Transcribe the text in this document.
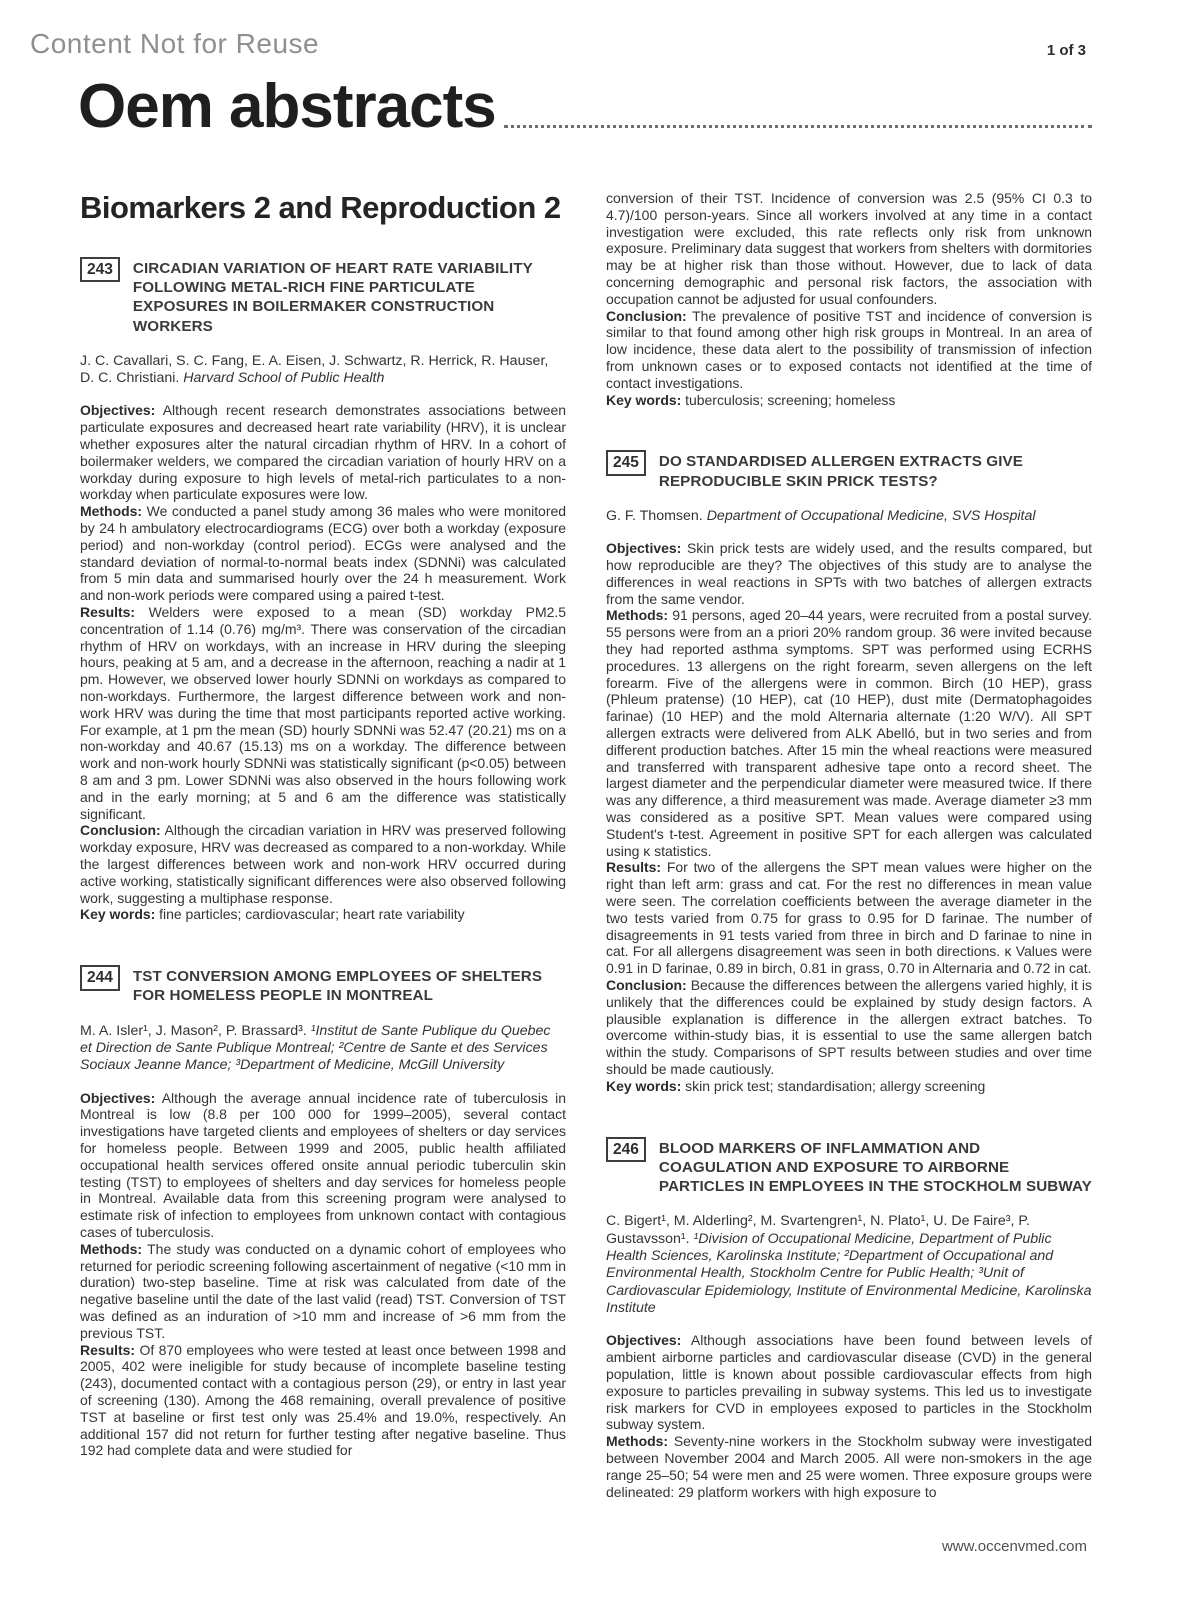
Content Not for Reuse	1 of 3
Oem abstracts
Biomarkers 2 and Reproduction 2
243	CIRCADIAN VARIATION OF HEART RATE VARIABILITY FOLLOWING METAL-RICH FINE PARTICULATE EXPOSURES IN BOILERMAKER CONSTRUCTION WORKERS

J. C. Cavallari, S. C. Fang, E. A. Eisen, J. Schwartz, R. Herrick, R. Hauser, D. C. Christiani. Harvard School of Public Health

Objectives: Although recent research demonstrates associations between particulate exposures and decreased heart rate variability (HRV), it is unclear whether exposures alter the natural circadian rhythm of HRV. In a cohort of boilermaker welders, we compared the circadian variation of hourly HRV on a workday during exposure to high levels of metal-rich particulates to a non-workday when particulate exposures were low.

Methods: We conducted a panel study among 36 males who were monitored by 24 h ambulatory electrocardiograms (ECG) over both a workday (exposure period) and non-workday (control period). ECGs were analysed and the standard deviation of normal-to-normal beats index (SDNNi) was calculated from 5 min data and summarised hourly over the 24 h measurement. Work and non-work periods were compared using a paired t-test.

Results: Welders were exposed to a mean (SD) workday PM2.5 concentration of 1.14 (0.76) mg/m³. There was conservation of the circadian rhythm of HRV on workdays, with an increase in HRV during the sleeping hours, peaking at 5 am, and a decrease in the afternoon, reaching a nadir at 1 pm. However, we observed lower hourly SDNNi on workdays as compared to non-workdays. Furthermore, the largest difference between work and non-work HRV was during the time that most participants reported active working. For example, at 1 pm the mean (SD) hourly SDNNi was 52.47 (20.21) ms on a non-workday and 40.67 (15.13) ms on a workday. The difference between work and non-work hourly SDNNi was statistically significant (p<0.05) between 8 am and 3 pm. Lower SDNNi was also observed in the hours following work and in the early morning; at 5 and 6 am the difference was statistically significant.

Conclusion: Although the circadian variation in HRV was preserved following workday exposure, HRV was decreased as compared to a non-workday. While the largest differences between work and non-work HRV occurred during active working, statistically significant differences were also observed following work, suggesting a multiphase response.

Key words: fine particles; cardiovascular; heart rate variability

244	TST CONVERSION AMONG EMPLOYEES OF SHELTERS FOR HOMELESS PEOPLE IN MONTREAL

M. A. Isler¹, J. Mason², P. Brassard³. ¹Institut de Sante Publique du Quebec et Direction de Sante Publique Montreal; ²Centre de Sante et des Services Sociaux Jeanne Mance; ³Department of Medicine, McGill University

Objectives: Although the average annual incidence rate of tuberculosis in Montreal is low (8.8 per 100 000 for 1999–2005), several contact investigations have targeted clients and employees of shelters or day services for homeless people. Between 1999 and 2005, public health affiliated occupational health services offered onsite annual periodic tuberculin skin testing (TST) to employees of shelters and day services for homeless people in Montreal. Available data from this screening program were analysed to estimate risk of infection to employees from unknown contact with contagious cases of tuberculosis.

Methods: The study was conducted on a dynamic cohort of employees who returned for periodic screening following ascertainment of negative (<10 mm in duration) two-step baseline. Time at risk was calculated from date of the negative baseline until the date of the last valid (read) TST. Conversion of TST was defined as an induration of >10 mm and increase of >6 mm from the previous TST.

Results: Of 870 employees who were tested at least once between 1998 and 2005, 402 were ineligible for study because of incomplete baseline testing (243), documented contact with a contagious person (29), or entry in last year of screening (130). Among the 468 remaining, overall prevalence of positive TST at baseline or first test only was 25.4% and 19.0%, respectively. An additional 157 did not return for further testing after negative baseline. Thus 192 had complete data and were studied for

conversion of their TST. Incidence of conversion was 2.5 (95% CI 0.3 to 4.7)/100 person-years. Since all workers involved at any time in a contact investigation were excluded, this rate reflects only risk from unknown exposure. Preliminary data suggest that workers from shelters with dormitories may be at higher risk than those without. However, due to lack of data concerning demographic and personal risk factors, the association with occupation cannot be adjusted for usual confounders.

Conclusion: The prevalence of positive TST and incidence of conversion is similar to that found among other high risk groups in Montreal. In an area of low incidence, these data alert to the possibility of transmission of infection from unknown cases or to exposed contacts not identified at the time of contact investigations.

Key words: tuberculosis; screening; homeless

245	DO STANDARDISED ALLERGEN EXTRACTS GIVE REPRODUCIBLE SKIN PRICK TESTS?

G. F. Thomsen. Department of Occupational Medicine, SVS Hospital

Objectives: Skin prick tests are widely used, and the results compared, but how reproducible are they? The objectives of this study are to analyse the differences in weal reactions in SPTs with two batches of allergen extracts from the same vendor.

Methods: 91 persons, aged 20–44 years, were recruited from a postal survey. 55 persons were from an a priori 20% random group. 36 were invited because they had reported asthma symptoms. SPT was performed using ECRHS procedures. 13 allergens on the right forearm, seven allergens on the left forearm. Five of the allergens were in common. Birch (10 HEP), grass (Phleum pratense) (10 HEP), cat (10 HEP), dust mite (Dermatophagoides farinae) (10 HEP) and the mold Alternaria alternate (1:20 W/V). All SPT allergen extracts were delivered from ALK Abelló, but in two series and from different production batches. After 15 min the wheal reactions were measured and transferred with transparent adhesive tape onto a record sheet. The largest diameter and the perpendicular diameter were measured twice. If there was any difference, a third measurement was made. Average diameter ≥3 mm was considered as a positive SPT. Mean values were compared using Student's t-test. Agreement in positive SPT for each allergen was calculated using κ statistics.

Results: For two of the allergens the SPT mean values were higher on the right than left arm: grass and cat. For the rest no differences in mean value were seen. The correlation coefficients between the average diameter in the two tests varied from 0.75 for grass to 0.95 for D farinae. The number of disagreements in 91 tests varied from three in birch and D farinae to nine in cat. For all allergens disagreement was seen in both directions. κ Values were 0.91 in D farinae, 0.89 in birch, 0.81 in grass, 0.70 in Alternaria and 0.72 in cat.

Conclusion: Because the differences between the allergens varied highly, it is unlikely that the differences could be explained by study design factors. A plausible explanation is difference in the allergen extract batches. To overcome within-study bias, it is essential to use the same allergen batch within the study. Comparisons of SPT results between studies and over time should be made cautiously.

Key words: skin prick test; standardisation; allergy screening

246	BLOOD MARKERS OF INFLAMMATION AND COAGULATION AND EXPOSURE TO AIRBORNE PARTICLES IN EMPLOYEES IN THE STOCKHOLM SUBWAY

C. Bigert¹, M. Alderling², M. Svartengren¹, N. Plato¹, U. De Faire³, P. Gustavsson¹. ¹Division of Occupational Medicine, Department of Public Health Sciences, Karolinska Institute; ²Department of Occupational and Environmental Health, Stockholm Centre for Public Health; ³Unit of Cardiovascular Epidemiology, Institute of Environmental Medicine, Karolinska Institute

Objectives: Although associations have been found between levels of ambient airborne particles and cardiovascular disease (CVD) in the general population, little is known about possible cardiovascular effects from high exposure to particles prevailing in subway systems. This led us to investigate risk markers for CVD in employees exposed to particles in the Stockholm subway system.

Methods: Seventy-nine workers in the Stockholm subway were investigated between November 2004 and March 2005. All were non-smokers in the age range 25–50; 54 were men and 25 were women. Three exposure groups were delineated: 29 platform workers with high exposure to

www.occenvmed.com
